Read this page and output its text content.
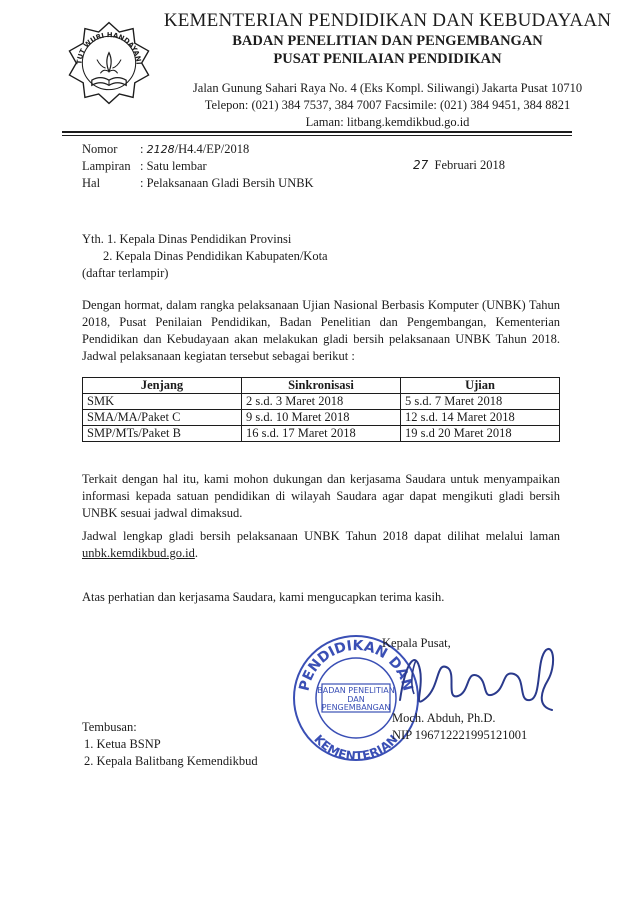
TUT WURI HANDAYANI
KEMENTERIAN PENDIDIKAN DAN KEBUDAYAAN
BADAN PENELITIAN DAN PENGEMBANGAN
PUSAT PENILAIAN PENDIDIKAN
Jalan Gunung Sahari Raya No. 4 (Eks Kompl. Siliwangi) Jakarta Pusat 10710
Telepon: (021) 384 7537, 384 7007 Facsimile: (021) 384 9451, 384 8821
Laman: litbang.kemdikbud.go.id
Nomor	:
2128 /H4.4/EP/2018
Lampiran :
Satu lembar
Hal	:
Pelaksanaan Gladi Bersih UNBK
27 Februari 2018
Yth. 1. Kepala Dinas Pendidikan Provinsi
2. Kepala Dinas Pendidikan Kabupaten/Kota
(daftar terlampir)
Dengan hormat, dalam rangka pelaksanaan Ujian Nasional Berbasis Komputer (UNBK) Tahun 2018, Pusat Penilaian Pendidikan, Badan Penelitian dan Pengembangan, Kementerian Pendidikan dan Kebudayaan akan melakukan gladi bersih pelaksanaan UNBK Tahun 2018. Jadwal pelaksanaan kegiatan tersebut sebagai berikut :
Jenjang	Sinkronisasi	Ujian
SMK	2 s.d. 3 Maret 2018	5 s.d. 7 Maret 2018
SMA/MA/Paket C	9 s.d. 10 Maret 2018	12 s.d. 14 Maret 2018
SMP/MTs/Paket B	16 s.d. 17 Maret 2018	19 s.d 20 Maret 2018
Terkait dengan hal itu, kami mohon dukungan dan kerjasama Saudara untuk menyampaikan informasi kepada satuan pendidikan di wilayah Saudara agar dapat mengikuti gladi bersih UNBK sesuai jadwal dimaksud.
Jadwal lengkap gladi bersih pelaksanaan UNBK Tahun 2018 dapat dilihat melalui laman unbk.kemdikbud.go.id.
Atas perhatian dan kerjasama Saudara, kami mengucapkan terima kasih.
PENDIDIKAN DAN
KEMENTERIAN
BADAN PENELITIAN
DAN
PENGEMBANGAN
Kepala Pusat,
Moch. Abduh, Ph.D.
NIP 196712221995121001
Tembusan:
1. Ketua BSNP
2. Kepala Balitbang Kemendikbud
